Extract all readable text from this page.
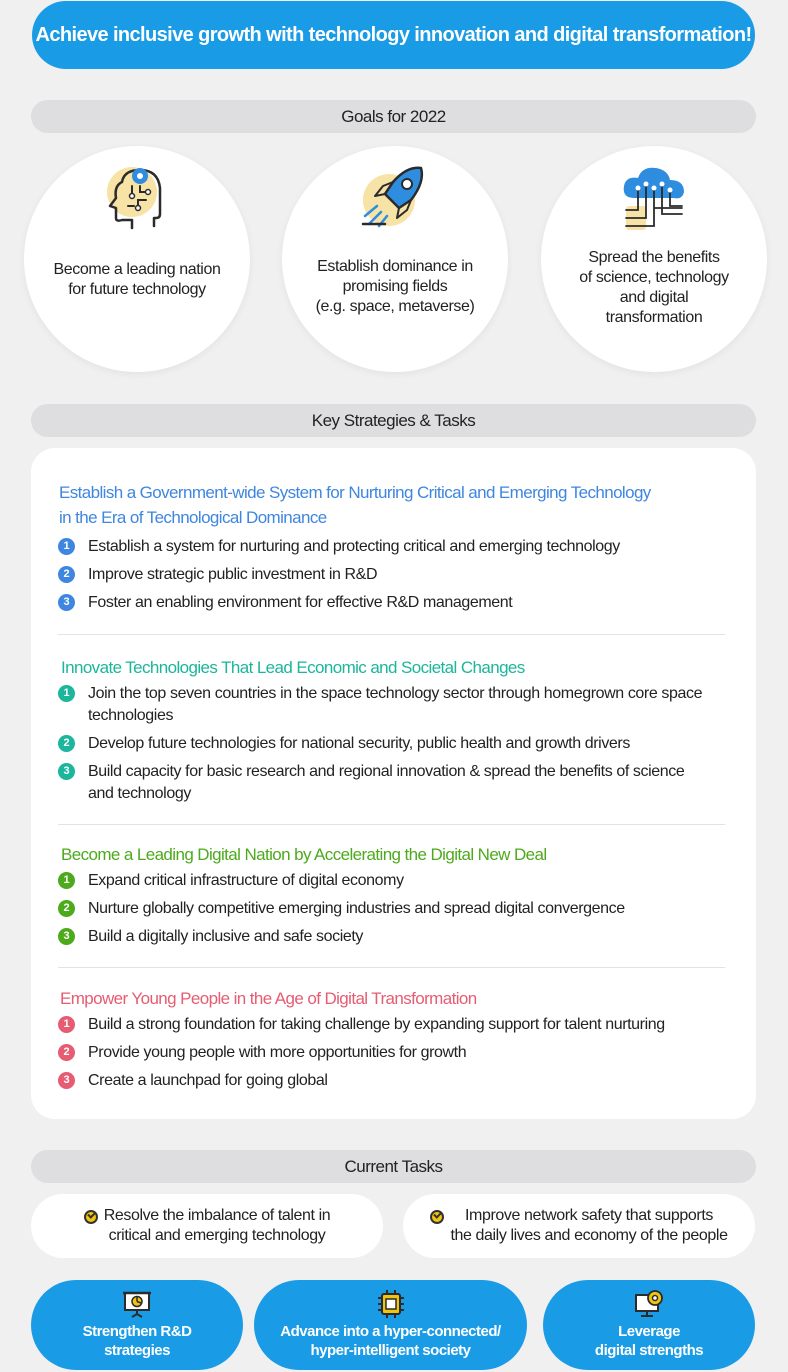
Achieve inclusive growth with technology innovation and digital transformation!
Goals for 2022
Become a leading nation
for future technology
Establish dominance in
promising fields
(e.g. space, metaverse)
Spread the benefits
of science, technology
and digital
transformation
Key Strategies & Tasks
Establish a Government-wide System for Nurturing Critical and Emerging Technology
in the Era of Technological Dominance
1	Establish a system for nurturing and protecting critical and emerging technology
2	Improve strategic public investment in R&D
3	Foster an enabling environment for effective R&D management
Innovate Technologies That Lead Economic and Societal Changes
1	Join the top seven countries in the space technology sector through homegrown core space technologies
2	Develop future technologies for national security, public health and growth drivers
3	Build capacity for basic research and regional innovation & spread the benefits of science and technology
Become a Leading Digital Nation by Accelerating the Digital New Deal
1	Expand critical infrastructure of digital economy
2	Nurture globally competitive emerging industries and spread digital convergence
3	Build a digitally inclusive and safe society
Empower Young People in the Age of Digital Transformation
1	Build a strong foundation for taking challenge by expanding support for talent nurturing
2	Provide young people with more opportunities for growth
3	Create a launchpad for going global
Current Tasks
Resolve the imbalance of talent in
critical and emerging technology
Improve network safety that supports
the daily lives and economy of the people
Strengthen R&D
strategies
Advance into a hyper-connected/
hyper-intelligent society
Leverage
digital strengths
